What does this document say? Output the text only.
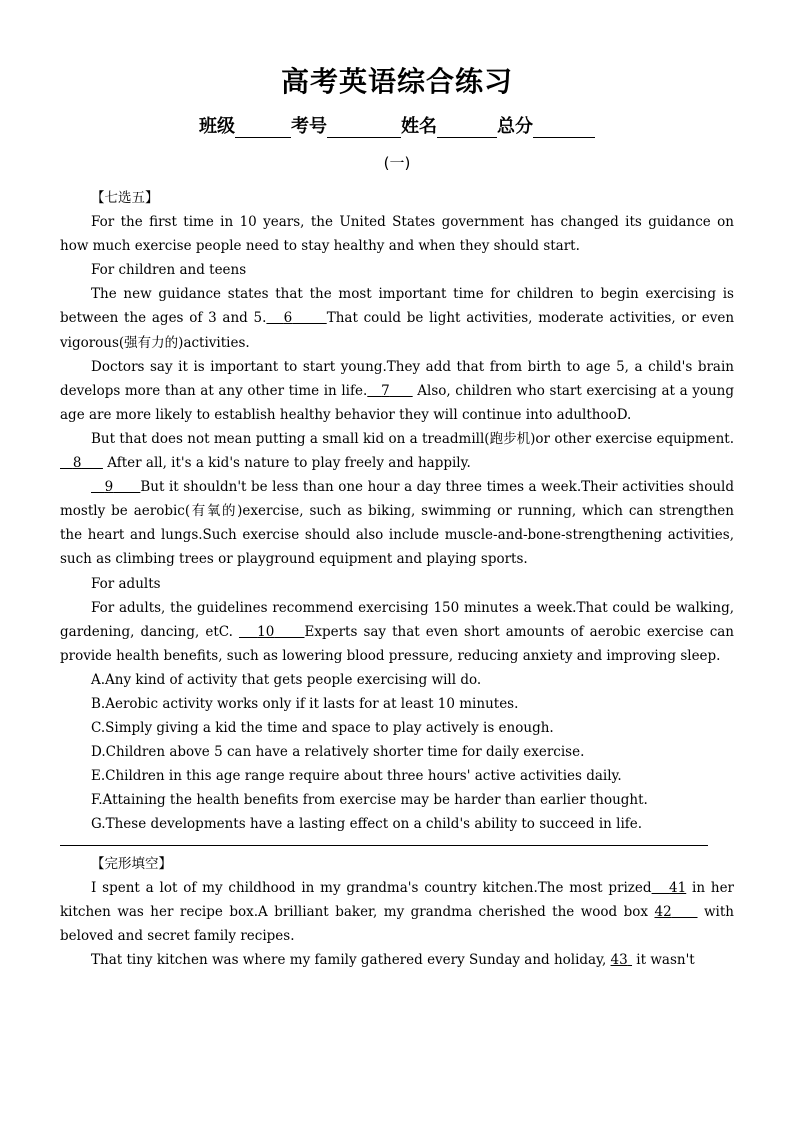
高考英语综合练习
班级	考号	姓名	总分
(一)

【七选五】

For the first time in 10 years, the United States government has changed its guidance on how much exercise people need to stay healthy and when they should start.

For children and teens

The new guidance states that the most important time for children to begin exercising is between the ages of 3 and 5. 6	That could be light activities, moderate activities, or even vigorous(强有力的)activities.

Doctors say it is important to start young.They add that from birth to age 5, a child's brain develops more than at any other time in life. 7      Also, children who start exercising at a young age are more likely to establish healthy behavior they will continue into adulthooD.

But that does not mean putting a small kid on a treadmill(跑步机)or other exercise equipment.    8      After all, it's a kid's nature to play freely and happily.

9 But it shouldn't be less than one hour a day three times a week.Their activities should mostly be aerobic(有氧的)exercise, such as biking, swimming or running, which can strengthen the heart and lungs.Such exercise should also include muscle-and-bone-strengthening activities, such as climbing trees or playground equipment and playing sports.

For adults

For adults, the guidelines recommend exercising 150 minutes a week.That could be walking, gardening, dancing, etC. 10 Experts say that even short amounts of aerobic exercise can provide health benefits, such as lowering blood pressure, reducing anxiety and improving sleep.

A.Any kind of activity that gets people exercising will do.

B.Aerobic activity works only if it lasts for at least 10 minutes.

C.Simply giving a kid the time and space to play actively is enough.

D.Children above 5 can have a relatively shorter time for daily exercise.

E.Children in this age range require about three hours' active activities daily.

F.Attaining the health benefits from exercise may be harder than earlier thought.

G.These developments have a lasting effect on a child's ability to succeed in life.

【完形填空】

I spent a lot of my childhood in my grandma's country kitchen.The most prized 41 in her kitchen was her recipe box.A brilliant baker, my grandma cherished the wood box 42     with beloved and secret family recipes.

That tiny kitchen was where my family gathered every Sunday and holiday, 43  it wasn't
